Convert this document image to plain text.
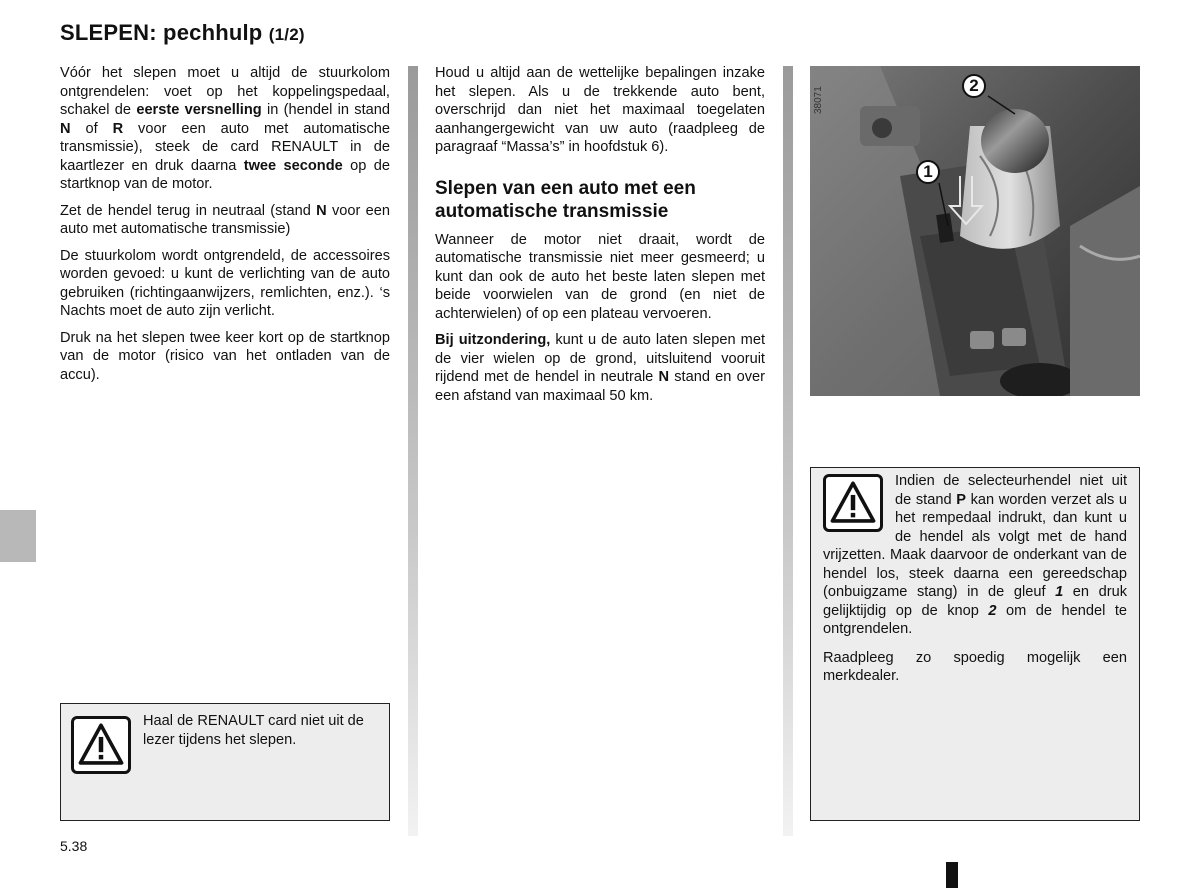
SLEPEN: pechhulp (1/2)

Vóór het slepen moet u altijd de stuurkolom ontgrendelen: voet op het koppelingspedaal, schakel de eerste versnelling in (hendel in stand N of R voor een auto met automatische transmissie), steek de card RENAULT in de kaartlezer en druk daarna twee seconde op de startknop van de motor.

Zet de hendel terug in neutraal (stand N voor een auto met automatische transmissie)

De stuurkolom wordt ontgrendeld, de accessoires worden gevoed: u kunt de verlichting van de auto gebruiken (richtingaanwijzers, remlichten, enz.). ‘s Nachts moet de auto zijn verlicht.

Druk na het slepen twee keer kort op de startknop van de motor (risico van het ontladen van de accu).

Houd u altijd aan de wettelijke bepalingen inzake het slepen. Als u de trekkende auto bent, overschrijd dan niet het maximaal toegelaten aanhangergewicht van uw auto (raadpleeg de paragraaf “Massa’s” in hoofdstuk 6).

Slepen van een auto met een automatische transmissie

Wanneer de motor niet draait, wordt de automatische transmissie niet meer gesmeerd; u kunt dan ook de auto het beste laten slepen met beide voorwielen van de grond (en niet de achterwielen) of op een plateau vervoeren.

Bij uitzondering, kunt u de auto laten slepen met de vier wielen op de grond, uitsluitend vooruit rijdend met de hendel in neutrale N stand en over een afstand van maximaal 50 km.

Haal de RENAULT card niet uit de lezer tijdens het slepen.
38071
1
2

Indien de selecteurhendel niet uit de stand P kan worden verzet als u het rempedaal indrukt, dan kunt u de hendel als volgt met de hand vrijzetten. Maak daarvoor de onderkant van de hendel los, steek daarna een gereedschap (onbuigzame stang) in de gleuf 1 en druk gelijktijdig op de knop 2 om de hendel te ontgrendelen.

Raadpleeg zo spoedig mogelijk een merkdealer.

5.38
